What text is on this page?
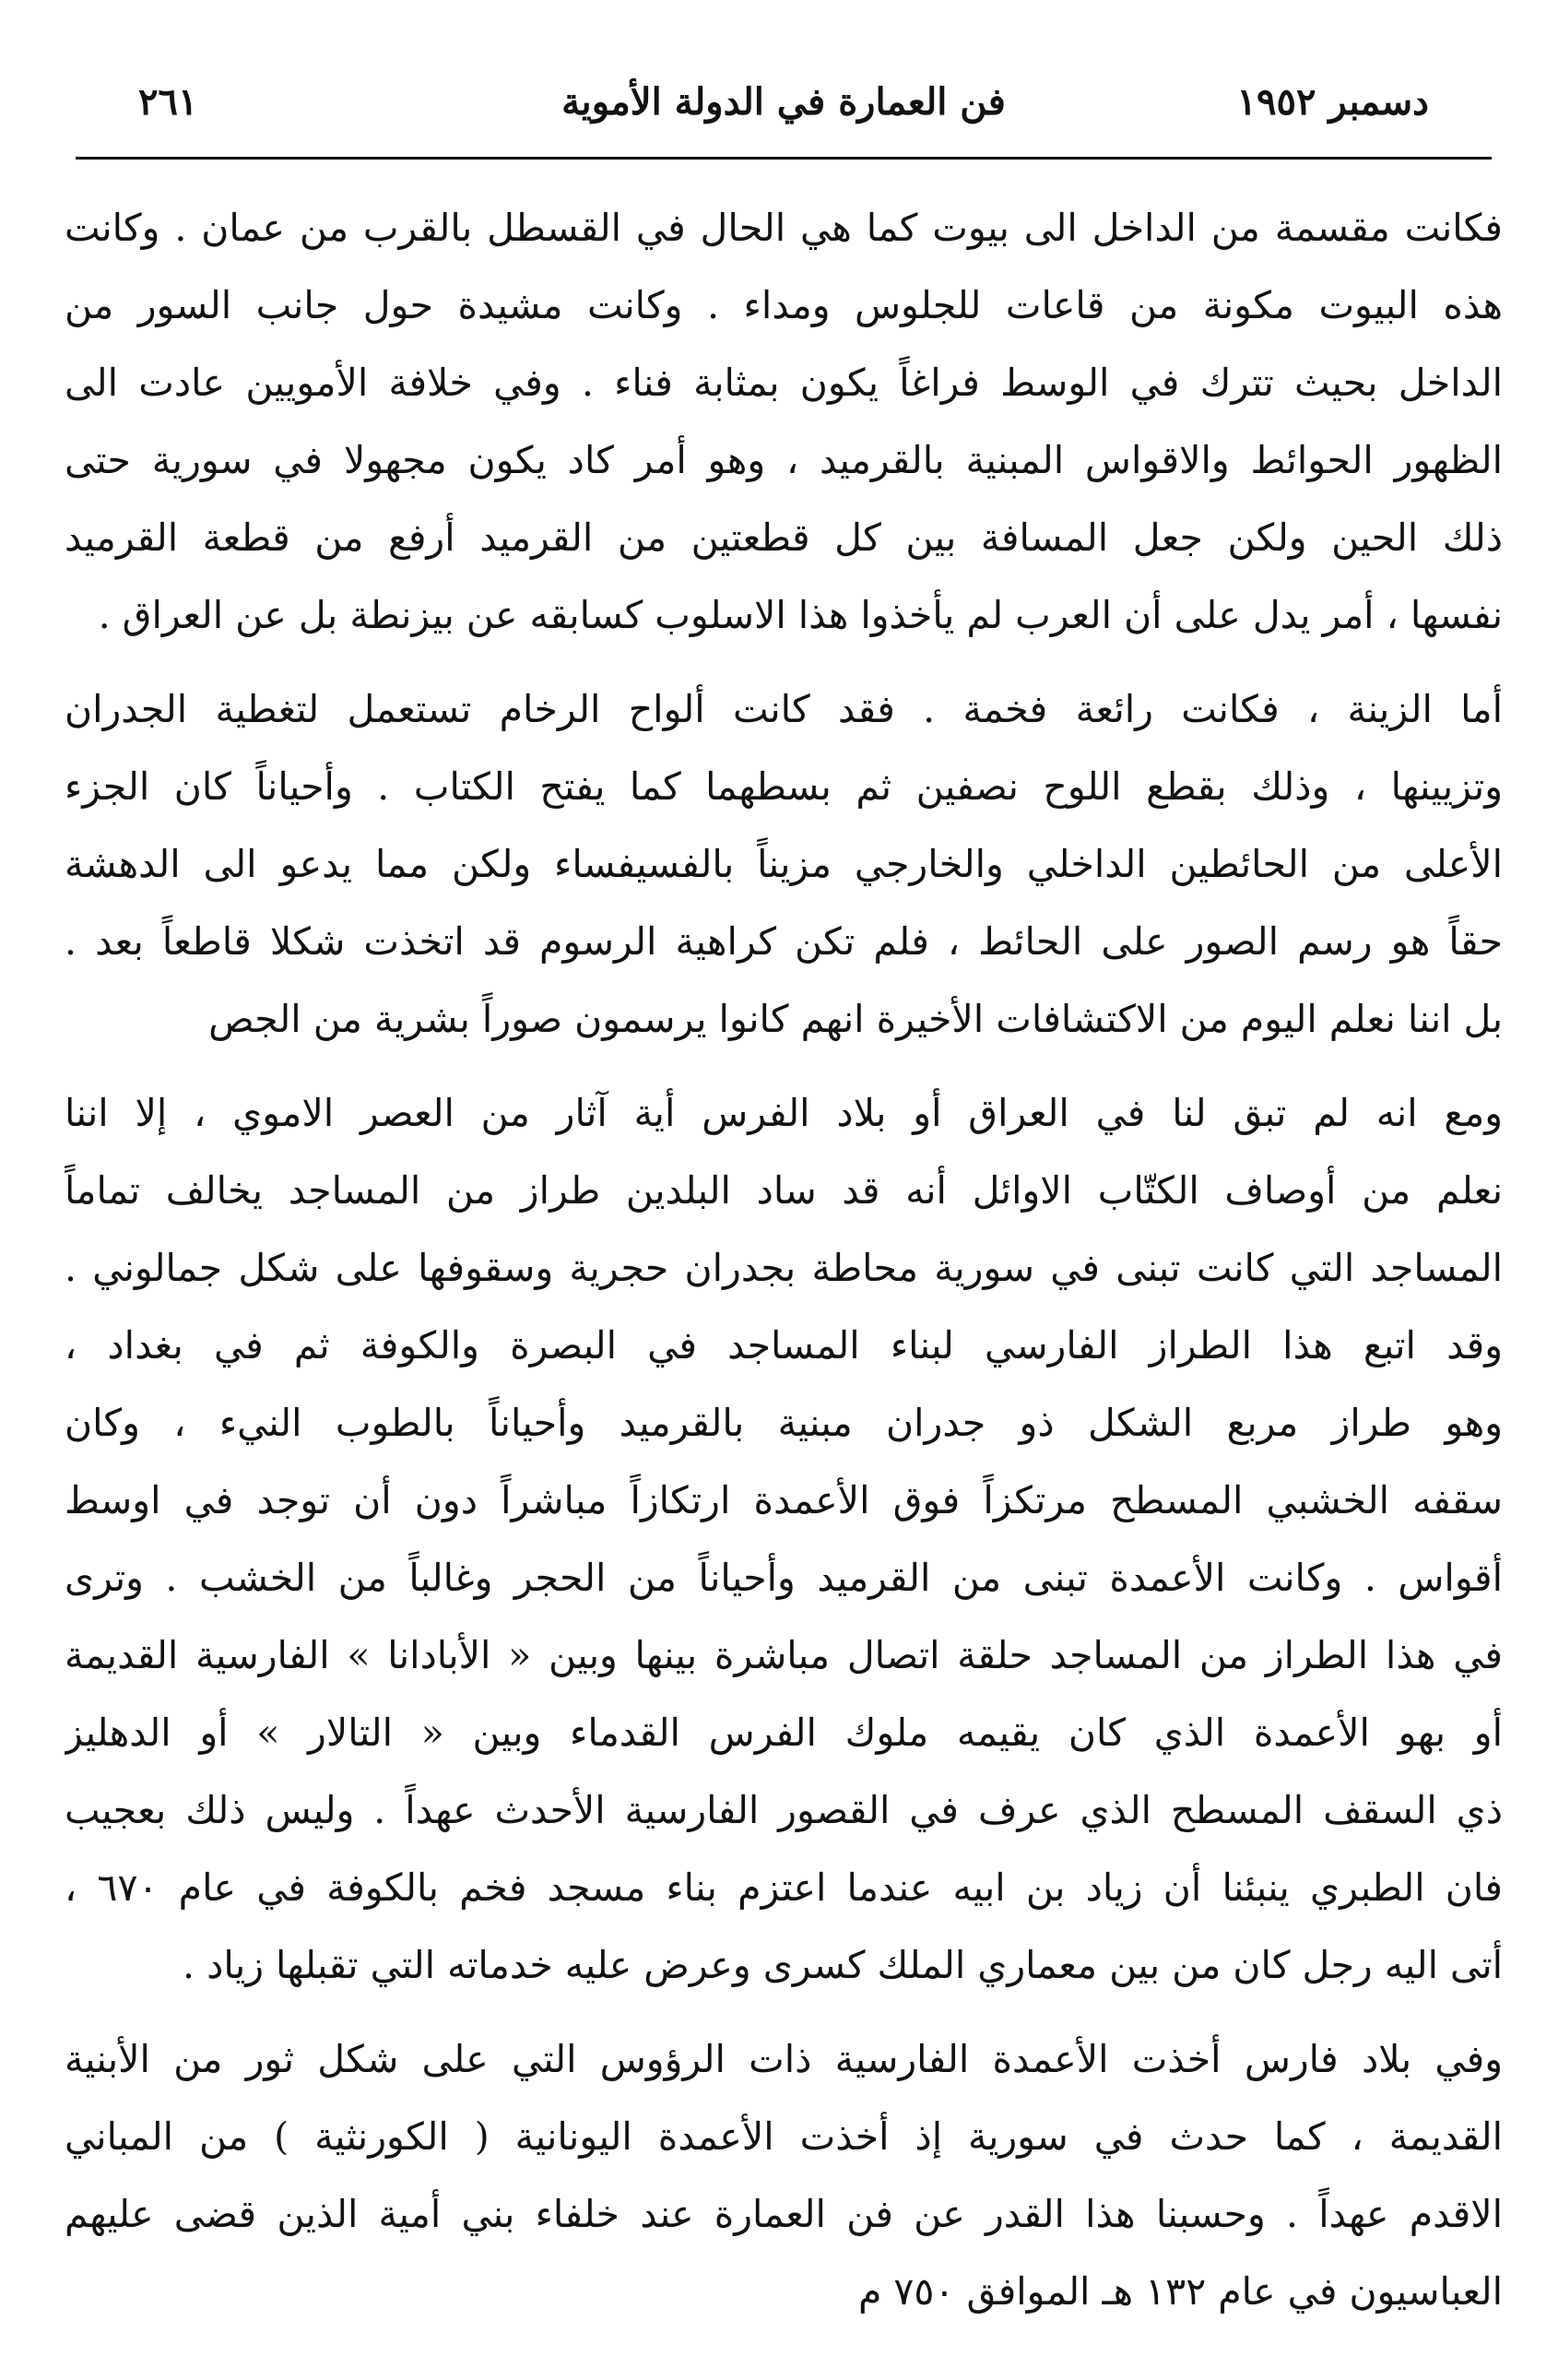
دسمبر ١٩٥٢
فن العمارة في الدولة الأموية
٢٦١
فكانت مقسمة من الداخل الى بيوت كما هي الحال في القسطل بالقرب من عمان . وكانت
هذه البيوت مكونة من قاعات للجلوس ومداء . وكانت مشيدة حول جانب السور من
الداخل بحيث تترك في الوسط فراغاً يكون بمثابة فناء . وفي خلافة الأمويين عادت الى
الظهور الحوائط والاقواس المبنية بالقرميد ، وهو أمر كاد يكون مجهولا في سورية حتى
ذلك الحين ولكن جعل المسافة بين كل قطعتين من القرميد أرفع من قطعة القرميد
نفسها ، أمر يدل على أن العرب لم يأخذوا هذا الاسلوب كسابقه عن بيزنطة بل عن العراق .
أما الزينة ، فكانت رائعة فخمة . فقد كانت ألواح الرخام تستعمل لتغطية الجدران
وتزيينها ، وذلك بقطع اللوح نصفين ثم بسطهما كما يفتح الكتاب . وأحياناً كان الجزء
الأعلى من الحائطين الداخلي والخارجي مزيناً بالفسيفساء ولكن مما يدعو الى الدهشة
حقاً هو رسم الصور على الحائط ، فلم تكن كراهية الرسوم قد اتخذت شكلا قاطعاً بعد .
بل اننا نعلم اليوم من الاكتشافات الأخيرة انهم كانوا يرسمون صوراً بشرية من الجص
ومع انه لم تبق لنا في العراق أو بلاد الفرس أية آثار من العصر الاموي ، إلا اننا
نعلم من أوصاف الكتّاب الاوائل أنه قد ساد البلدين طراز من المساجد يخالف تماماً
المساجد التي كانت تبنى في سورية محاطة بجدران حجرية وسقوفها على شكل جمالوني .
وقد اتبع هذا الطراز الفارسي لبناء المساجد في البصرة والكوفة ثم في بغداد ،
وهو طراز مربع الشكل ذو جدران مبنية بالقرميد وأحياناً بالطوب النيء ، وكان
سقفه الخشبي المسطح مرتكزاً فوق الأعمدة ارتكازاً مباشراً دون أن توجد في اوسط
أقواس . وكانت الأعمدة تبنى من القرميد وأحياناً من الحجر وغالباً من الخشب . وترى
في هذا الطراز من المساجد حلقة اتصال مباشرة بينها وبين « الأبادانا » الفارسية القديمة
أو بهو الأعمدة الذي كان يقيمه ملوك الفرس القدماء وبين « التالار » أو الدهليز
ذي السقف المسطح الذي عرف في القصور الفارسية الأحدث عهداً . وليس ذلك بعجيب
فان الطبري ينبئنا أن زياد بن ابيه عندما اعتزم بناء مسجد فخم بالكوفة في عام ٦٧٠ ،
أتى اليه رجل كان من بين معماري الملك كسرى وعرض عليه خدماته التي تقبلها زياد .
وفي بلاد فارس أخذت الأعمدة الفارسية ذات الرؤوس التي على شكل ثور من الأبنية
القديمة ، كما حدث في سورية إذ أخذت الأعمدة اليونانية ( الكورنثية ) من المباني
الاقدم عهداً . وحسبنا هذا القدر عن فن العمارة عند خلفاء بني أمية الذين قضى عليهم
العباسيون في عام ١٣٢ هـ الموافق ٧٥٠ م
